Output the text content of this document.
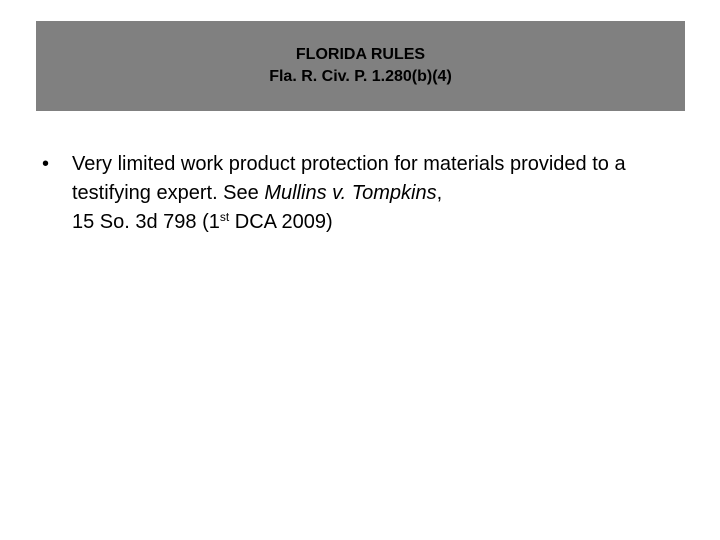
FLORIDA RULES
Fla. R. Civ. P. 1.280(b)(4)
• Very limited work product protection for materials provided to a testifying expert. See Mullins v. Tompkins,
15 So. 3d 798 (1st DCA 2009)
